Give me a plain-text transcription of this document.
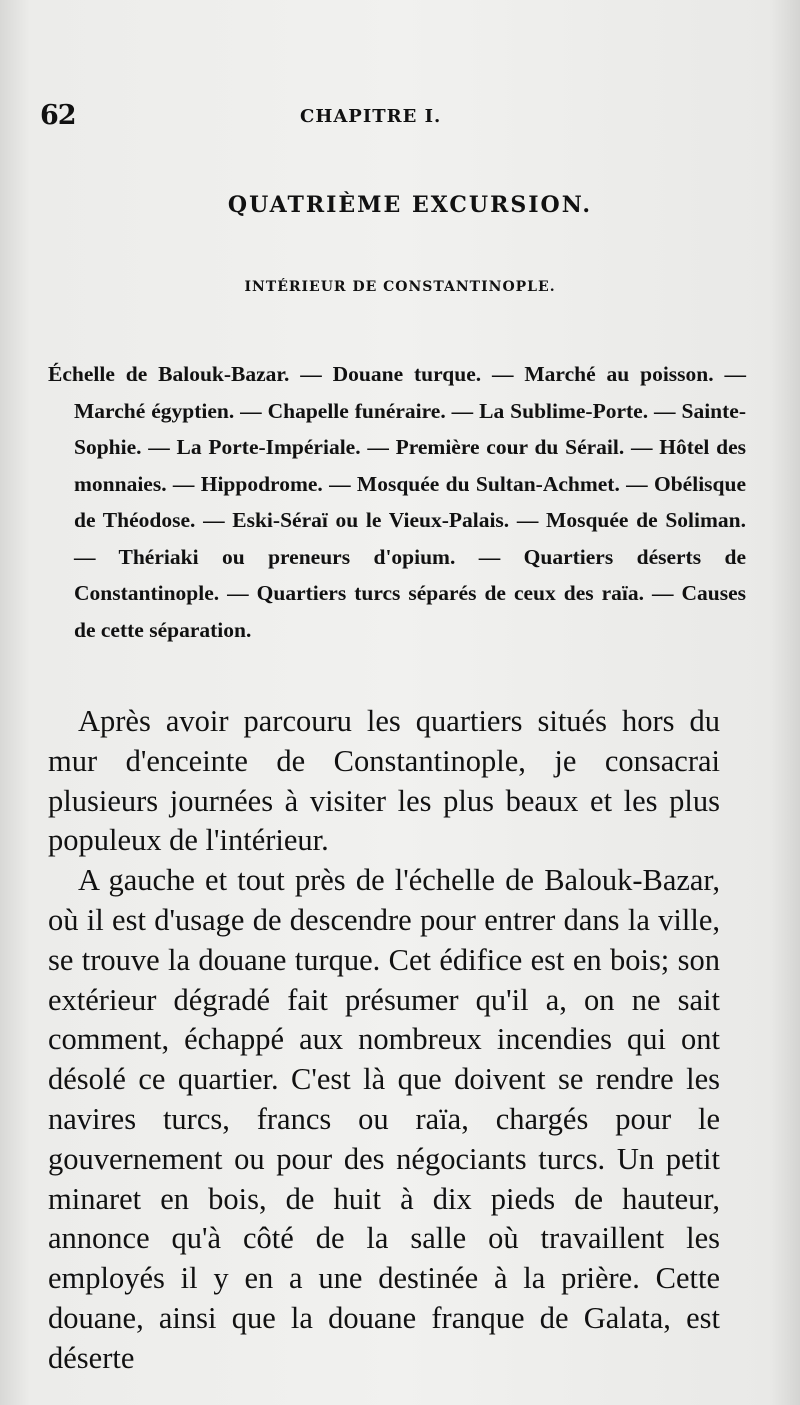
62	CHAPITRE I.
QUATRIÈME EXCURSION.
INTÉRIEUR DE CONSTANTINOPLE.

Échelle de Balouk-Bazar. — Douane turque. — Marché au poisson. — Marché égyptien. — Chapelle funéraire. — La Sublime-Porte. — Sainte-Sophie. — La Porte-Impériale. — Première cour du Sérail. — Hôtel des monnaies. — Hippodrome. — Mosquée du Sultan-Achmet. — Obélisque de Théodose. — Eski-Séraï ou le Vieux-Palais. — Mosquée de Soliman. — Thériaki ou preneurs d'opium. — Quartiers déserts de Constantinople. — Quartiers turcs séparés de ceux des raïa. — Causes de cette séparation.

Après avoir parcouru les quartiers situés hors du mur d'enceinte de Constantinople, je consacrai plusieurs journées à visiter les plus beaux et les plus populeux de l'intérieur.

A gauche et tout près de l'échelle de Balouk-Bazar, où il est d'usage de descendre pour entrer dans la ville, se trouve la douane turque. Cet édifice est en bois; son extérieur dégradé fait présumer qu'il a, on ne sait comment, échappé aux nombreux incendies qui ont désolé ce quartier. C'est là que doivent se rendre les navires turcs, francs ou raïa, chargés pour le gouvernement ou pour des négociants turcs. Un petit minaret en bois, de huit à dix pieds de hauteur, annonce qu'à côté de la salle où travaillent les employés il y en a une destinée à la prière. Cette douane, ainsi que la douane franque de Galata, est déserte
